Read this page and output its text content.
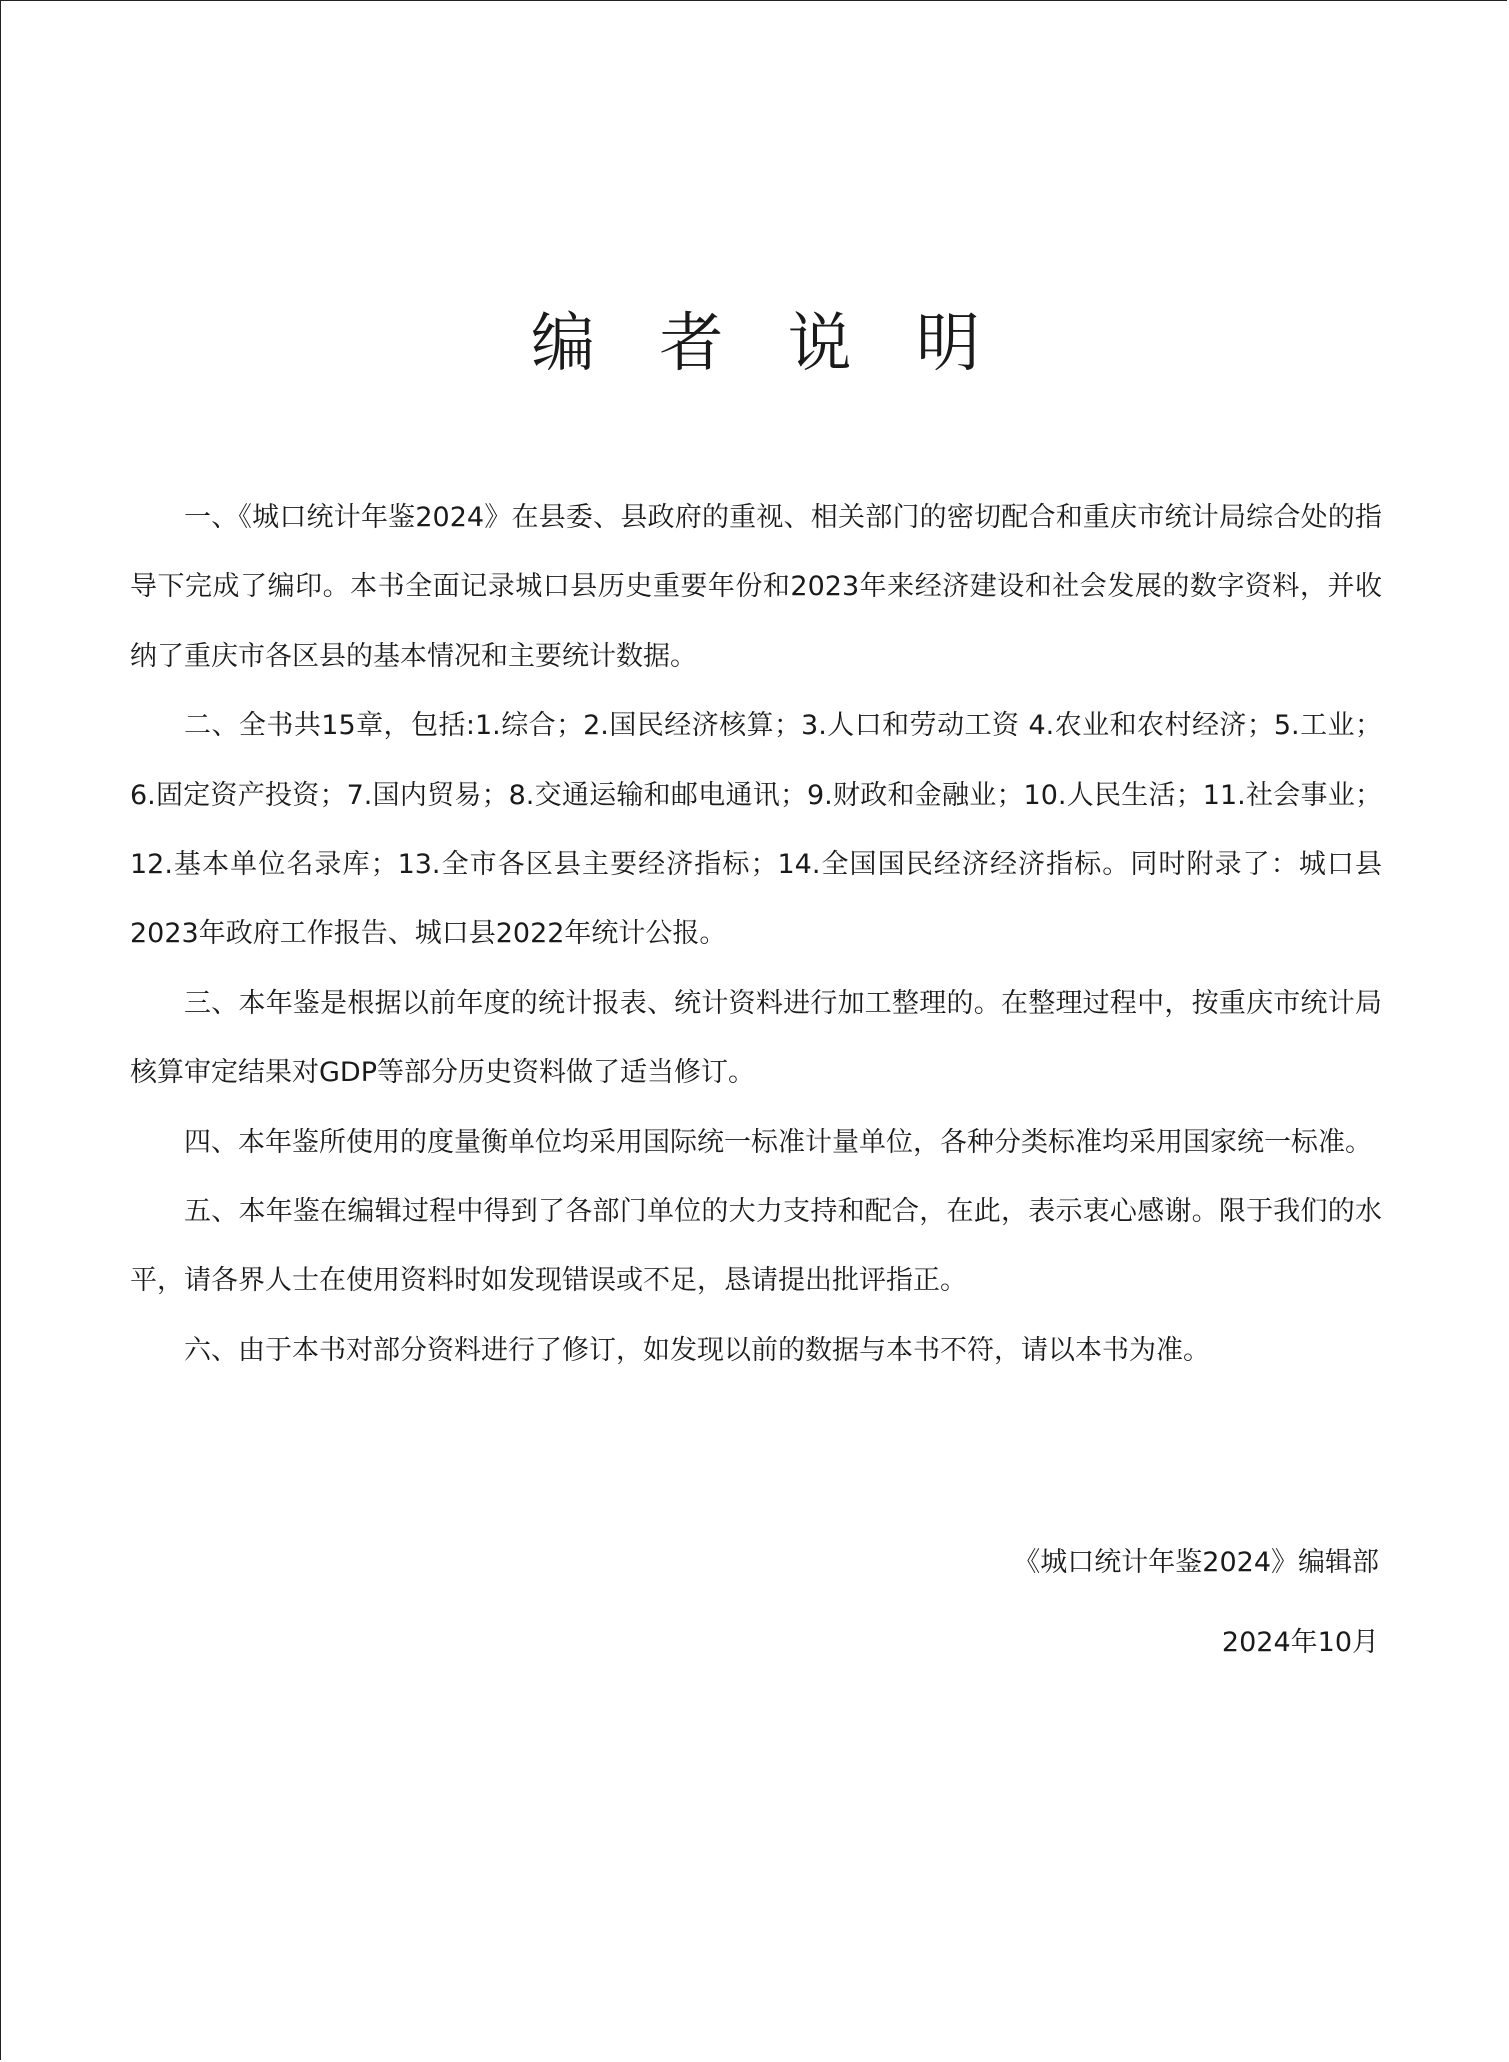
编 者 说 明

一、《城口统计年鉴2024》在县委、县政府的重视、相关部门的密切配合和重庆市统计局综合处的指导下完成了编印。本书全面记录城口县历史重要年份和2023年来经济建设和社会发展的数字资料，并收纳了重庆市各区县的基本情况和主要统计数据。

二、全书共15章，包括:1.综合；2.国民经济核算；3.人口和劳动工资 4.农业和农村经济；5.工业；6.固定资产投资；7.国内贸易；8.交通运输和邮电通讯；9.财政和金融业；10.人民生活；11.社会事业；12.基本单位名录库；13.全市各区县主要经济指标；14.全国国民经济经济指标。同时附录了：城口县2023年政府工作报告、城口县2022年统计公报。

三、本年鉴是根据以前年度的统计报表、统计资料进行加工整理的。在整理过程中，按重庆市统计局核算审定结果对GDP等部分历史资料做了适当修订。

四、本年鉴所使用的度量衡单位均采用国际统一标准计量单位，各种分类标准均采用国家统一标准。

五、本年鉴在编辑过程中得到了各部门单位的大力支持和配合，在此，表示衷心感谢。限于我们的水平，请各界人士在使用资料时如发现错误或不足，恳请提出批评指正。

六、由于本书对部分资料进行了修订，如发现以前的数据与本书不符，请以本书为准。

《城口统计年鉴2024》编辑部
2024年10月
